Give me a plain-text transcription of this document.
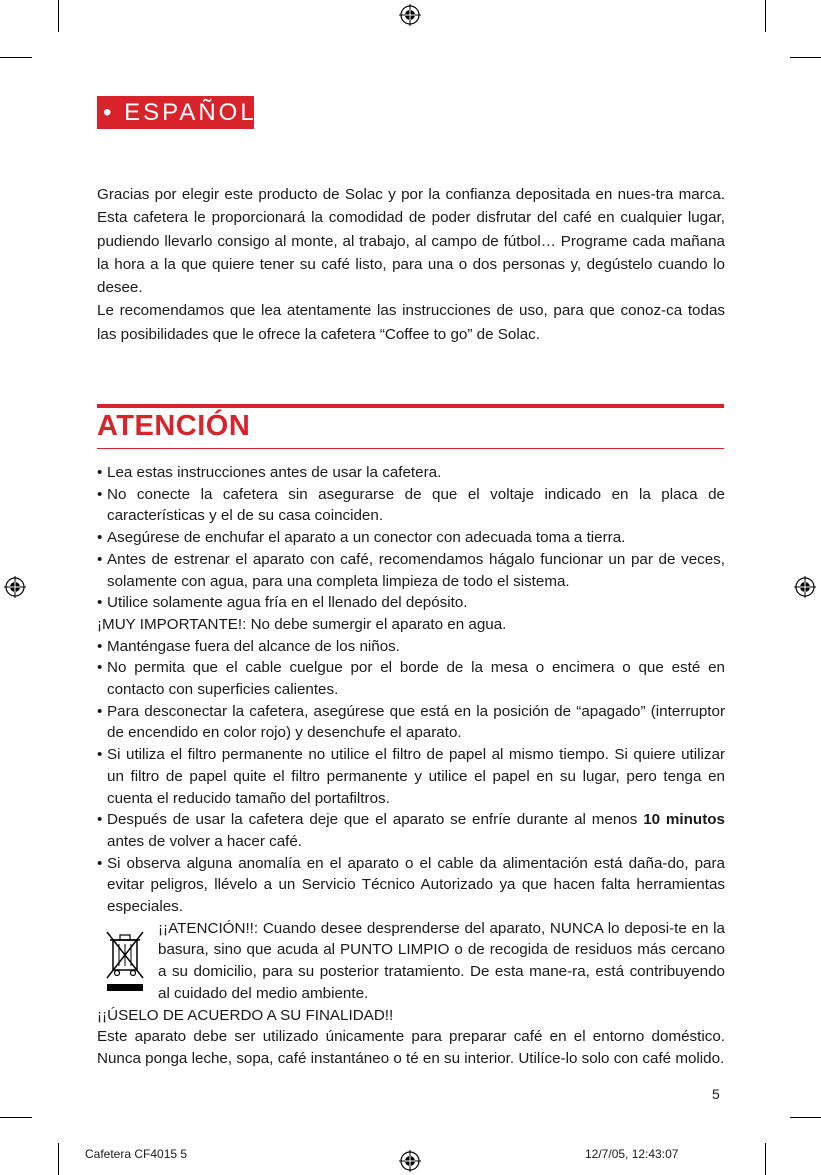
• ESPAÑOL

Gracias por elegir este producto de Solac y por la confianza depositada en nues-tra marca. Esta cafetera le proporcionará la comodidad de poder disfrutar del café en cualquier lugar, pudiendo llevarlo consigo al monte, al trabajo, al campo de fútbol… Programe cada mañana la hora a la que quiere tener su café listo, para una o dos personas y, degústelo cuando lo desee.

Le recomendamos que lea atentamente las instrucciones de uso, para que conoz-ca todas las posibilidades que le ofrece la cafetera “Coffee to go” de Solac.

ATENCIÓN
• Lea estas instrucciones antes de usar la cafetera.
• No conecte la cafetera sin asegurarse de que el voltaje indicado en la placa de características y el de su casa coinciden.
• Asegúrese de enchufar el aparato a un conector con adecuada toma a tierra.
• Antes de estrenar el aparato con café, recomendamos hágalo funcionar un par de veces, solamente con agua, para una completa limpieza de todo el sistema.
• Utilice solamente agua fría en el llenado del depósito.
¡MUY IMPORTANTE!: No debe sumergir el aparato en agua.
• Manténgase fuera del alcance de los niños.
• No permita que el cable cuelgue por el borde de la mesa o encimera o que esté en contacto con superficies calientes.
• Para desconectar la cafetera, asegúrese que está en la posición de “apagado” (interruptor de encendido en color rojo) y desenchufe el aparato.
• Si utiliza el filtro permanente no utilice el filtro de papel al mismo tiempo. Si quiere utilizar un filtro de papel quite el filtro permanente y utilice el papel en su lugar, pero tenga en cuenta el reducido tamaño del portafiltros.
• Después de usar la cafetera deje que el aparato se enfríe durante al menos 10 minutos antes de volver a hacer café.
• Si observa alguna anomalía en el aparato o el cable da alimentación está daña-do, para evitar peligros, llévelo a un Servicio Técnico Autorizado ya que hacen falta herramientas especiales.
¡¡ATENCIÓN!!: Cuando desee desprenderse del aparato, NUNCA lo deposi-te en la basura, sino que acuda al PUNTO LIMPIO o de recogida de residuos más cercano a su domicilio, para su posterior tratamiento. De esta mane-ra, está contribuyendo al cuidado del medio ambiente.
¡¡ÚSELO DE ACUERDO A SU FINALIDAD!!
Este aparato debe ser utilizado únicamente para preparar café en el entorno doméstico. Nunca ponga leche, sopa, café instantáneo o té en su interior. Utilíce-lo solo con café molido.
5
Cafetera CF4015 5	12/7/05, 12:43:07
